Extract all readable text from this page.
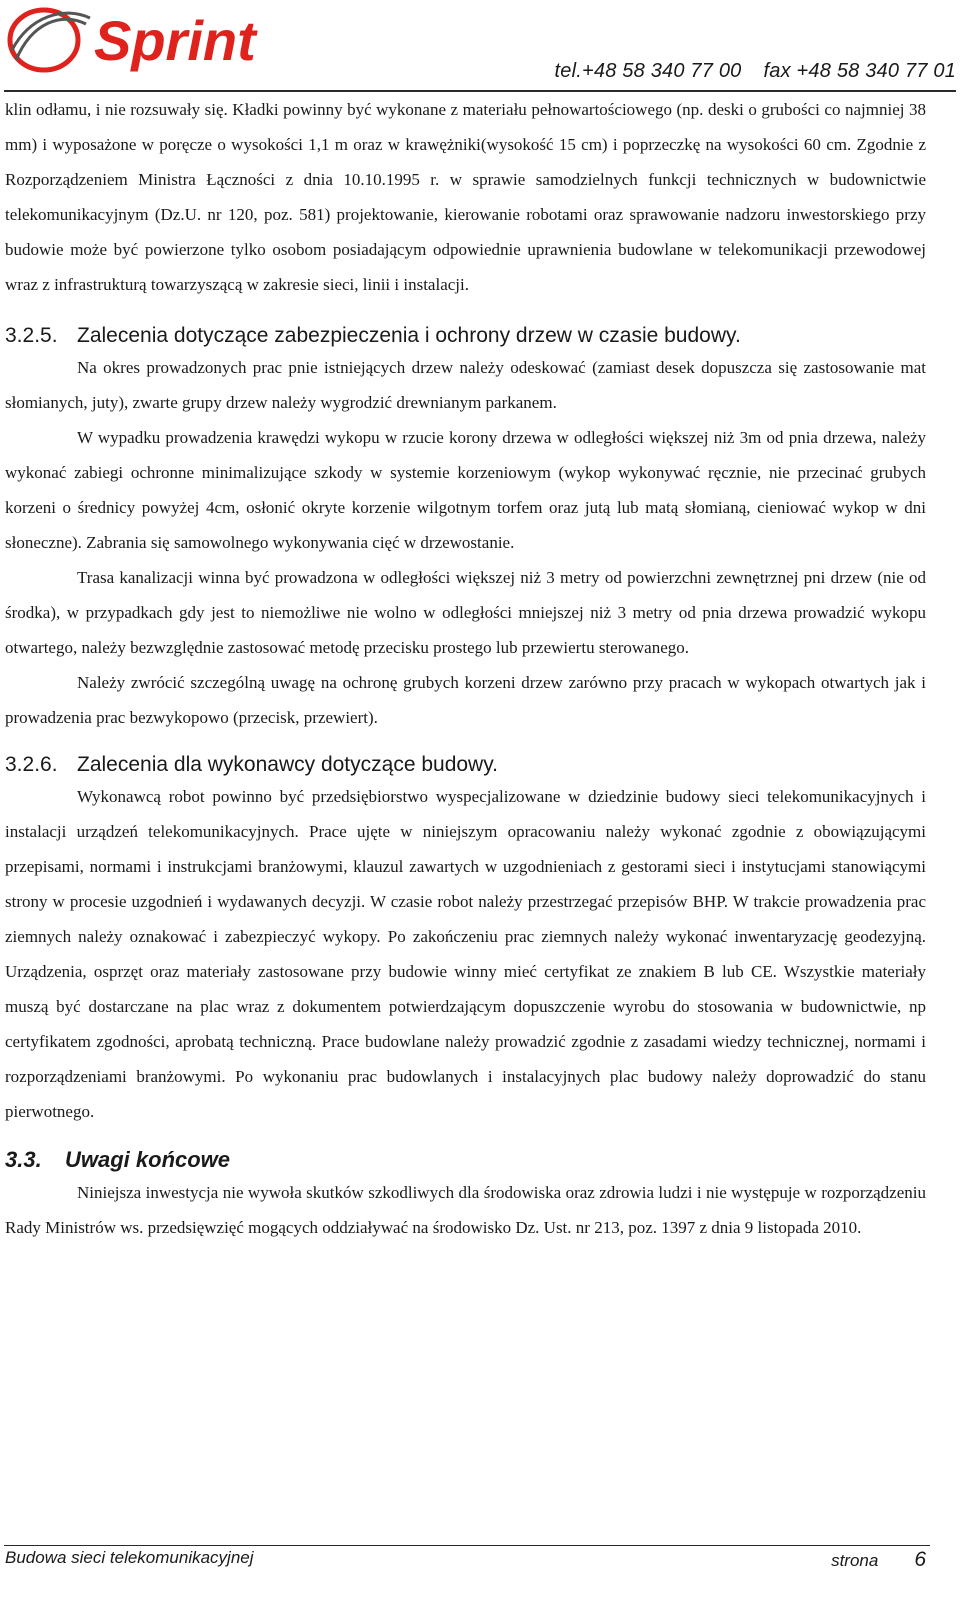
Sprint	tel.+48 58 340 77 00 fax +48 58 340 77 01

klin odłamu, i nie rozsuwały się. Kładki powinny być wykonane z materiału pełnowartościowego (np. deski o grubości co najmniej 38 mm) i wyposażone w poręcze o wysokości 1,1 m oraz w krawężniki(wysokość 15 cm) i poprzeczkę na wysokości 60 cm. Zgodnie z Rozporządzeniem Ministra Łączności z dnia 10.10.1995 r. w sprawie samodzielnych funkcji technicznych w budownictwie telekomunikacyjnym (Dz.U. nr 120, poz. 581) projektowanie, kierowanie robotami oraz sprawowanie nadzoru inwestorskiego przy budowie może być powierzone tylko osobom posiadającym odpowiednie uprawnienia budowlane w telekomunikacji przewodowej wraz z infrastrukturą towarzyszącą w zakresie sieci, linii i instalacji.

3.2.5. Zalecenia dotyczące zabezpieczenia i ochrony drzew w czasie budowy.

Na okres prowadzonych prac pnie istniejących drzew należy odeskować (zamiast desek dopuszcza się zastosowanie mat słomianych, juty), zwarte grupy drzew należy wygrodzić drewnianym parkanem.

W wypadku prowadzenia krawędzi wykopu w rzucie korony drzewa w odległości większej niż 3m od pnia drzewa, należy wykonać zabiegi ochronne minimalizujące szkody w systemie korzeniowym (wykop wykonywać ręcznie, nie przecinać grubych korzeni o średnicy powyżej 4cm, osłonić okryte korzenie wilgotnym torfem oraz jutą lub matą słomianą, cieniować wykop w dni słoneczne). Zabrania się samowolnego wykonywania cięć w drzewostanie.

Trasa kanalizacji winna być prowadzona w odległości większej niż 3 metry od powierzchni zewnętrznej pni drzew (nie od środka), w przypadkach gdy jest to niemożliwe nie wolno w odległości mniejszej niż 3 metry od pnia drzewa prowadzić wykopu otwartego, należy bezwzględnie zastosować metodę przecisku prostego lub przewiertu sterowanego.

Należy zwrócić szczególną uwagę na ochronę grubych korzeni drzew zarówno przy pracach w wykopach otwartych jak i prowadzenia prac bezwykopowo (przecisk, przewiert).

3.2.6. Zalecenia dla wykonawcy dotyczące budowy.

Wykonawcą robot powinno być przedsiębiorstwo wyspecjalizowane w dziedzinie budowy sieci telekomunikacyjnych i instalacji urządzeń telekomunikacyjnych. Prace ujęte w niniejszym opracowaniu należy wykonać zgodnie z obowiązującymi przepisami, normami i instrukcjami branżowymi, klauzul zawartych w uzgodnieniach z gestorami sieci i instytucjami stanowiącymi strony w procesie uzgodnień i wydawanych decyzji. W czasie robot należy przestrzegać przepisów BHP. W trakcie prowadzenia prac ziemnych należy oznakować i zabezpieczyć wykopy. Po zakończeniu prac ziemnych należy wykonać inwentaryzację geodezyjną. Urządzenia, osprzęt oraz materiały zastosowane przy budowie winny mieć certyfikat ze znakiem B lub CE. Wszystkie materiały muszą być dostarczane na plac wraz z dokumentem potwierdzającym dopuszczenie wyrobu do stosowania w budownictwie, np certyfikatem zgodności, aprobatą techniczną. Prace budowlane należy prowadzić zgodnie z zasadami wiedzy technicznej, normami i rozporządzeniami branżowymi. Po wykonaniu prac budowlanych i instalacyjnych plac budowy należy doprowadzić do stanu pierwotnego.

3.3. Uwagi końcowe

Niniejsza inwestycja nie wywoła skutków szkodliwych dla środowiska oraz zdrowia ludzi i nie występuje w rozporządzeniu Rady Ministrów ws. przedsięwzięć mogących oddziaływać na środowisko Dz. Ust. nr 213, poz. 1397 z dnia 9 listopada 2010.

Budowa sieci telekomunikacyjnej	strona 6
